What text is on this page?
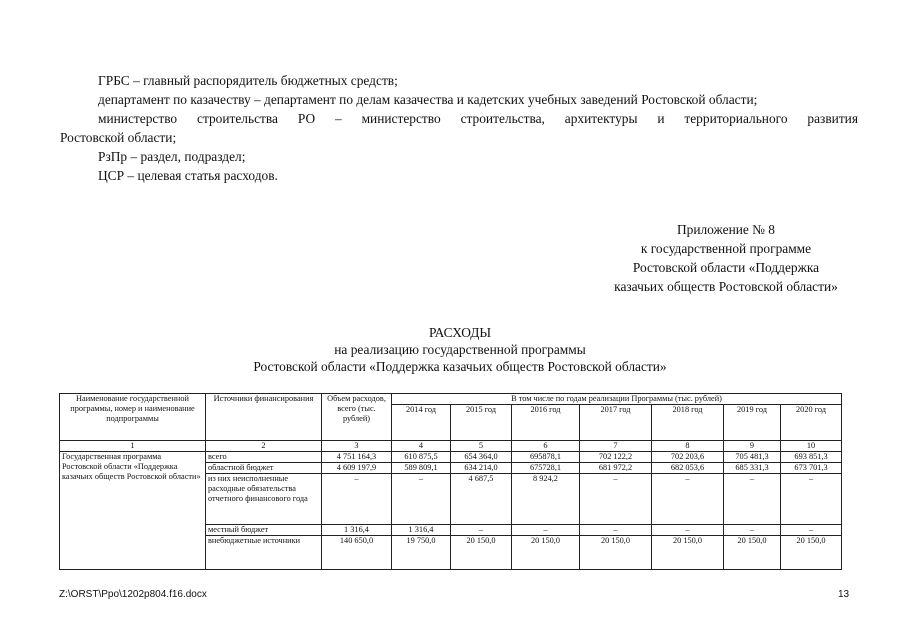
ГРБС – главный распорядитель бюджетных средств;
департамент по казачеству – департамент по делам казачества и кадетских учебных заведений Ростовской области;
министерство строительства РО – министерство строительства, архитектуры и территориального развития
Ростовской области;
РзПр – раздел, подраздел;
ЦСР – целевая статья расходов.
Приложение № 8
к государственной программе
Ростовской области «Поддержка
казачьих обществ Ростовской области»
РАСХОДЫ
на реализацию государственной программы
Ростовской области «Поддержка казачьих обществ Ростовской области»
Наименование государственной программы, номер и наименование подпрограммы	Источники финансирования	Объем расходов, всего (тыс. рублей)	В том числе по годам реализации Программы (тыс. рублей)						
			2014 год	2015 год	2016 год	2017 год	2018 год	2019 год	2020 год
1	2	3	4	5	6	7	8	9	10
Государственная программа Ростовской области «Поддержка казачьих обществ Ростовской области»	всего	4 751 164,3	610 875,5	654 364,0	695878,1	702 122,2	702 203,6	705 481,3	693 851,3
	областной бюджет	4 609 197,9	589 809,1	634 214,0	675728,1	681 972,2	682 053,6	685 331,3	673 701,3
	из них неисполненные расходные обязательства отчетного финансового года	–	–	4 687,5	8 924,2	–	–	–	–
	местный бюджет	1 316,4	1 316,4	–	–	–	–	–	–
	внебюджетные источники	140 650,0	19 750,0	20 150,0	20 150,0	20 150,0	20 150,0	20 150,0	20 150,0
Z:\ORST\Ppo\1202p804.f16.docx	13
